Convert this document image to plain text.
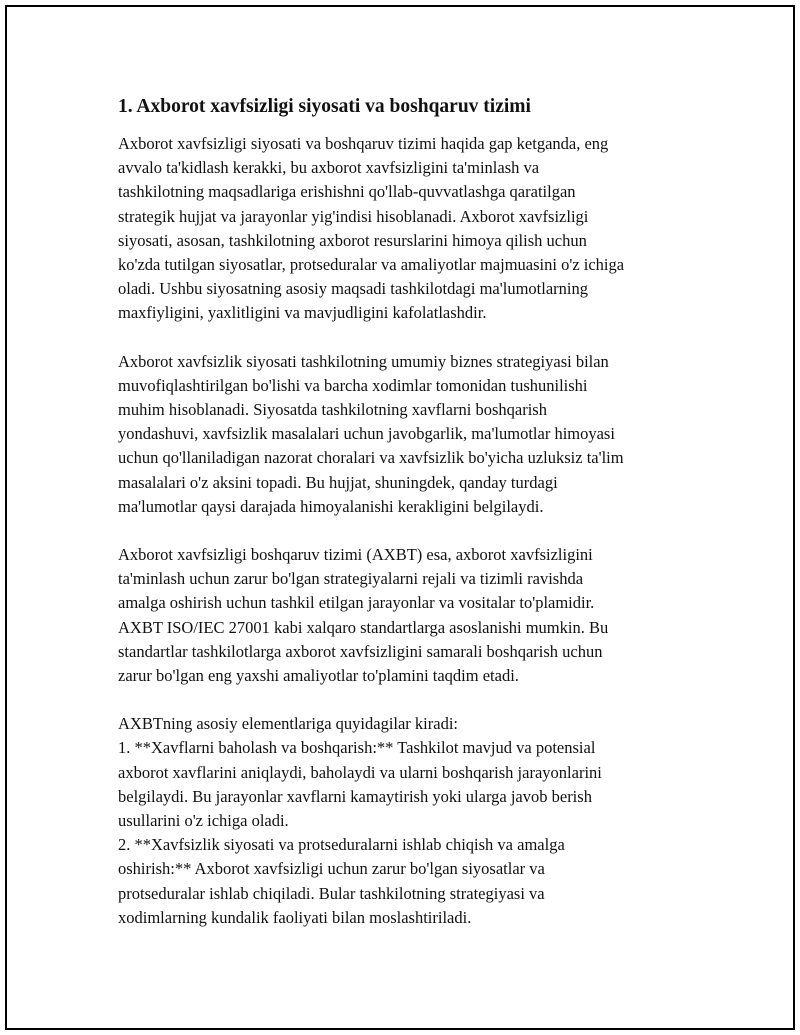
1. Axborot xavfsizligi siyosati va boshqaruv tizimi

Axborot xavfsizligi siyosati va boshqaruv tizimi haqida gap ketganda, eng
avvalo ta'kidlash kerakki, bu axborot xavfsizligini ta'minlash va
tashkilotning maqsadlariga erishishni qo'llab-quvvatlashga qaratilgan
strategik hujjat va jarayonlar yig'indisi hisoblanadi. Axborot xavfsizligi
siyosati, asosan, tashkilotning axborot resurslarini himoya qilish uchun
ko'zda tutilgan siyosatlar, protseduralar va amaliyotlar majmuasini o'z ichiga
oladi. Ushbu siyosatning asosiy maqsadi tashkilotdagi ma'lumotlarning
maxfiyligini, yaxlitligini va mavjudligini kafolatlashdir.

Axborot xavfsizlik siyosati tashkilotning umumiy biznes strategiyasi bilan
muvofiqlashtirilgan bo'lishi va barcha xodimlar tomonidan tushunilishi
muhim hisoblanadi. Siyosatda tashkilotning xavflarni boshqarish
yondashuvi, xavfsizlik masalalari uchun javobgarlik, ma'lumotlar himoyasi
uchun qo'llaniladigan nazorat choralari va xavfsizlik bo'yicha uzluksiz ta'lim
masalalari o'z aksini topadi. Bu hujjat, shuningdek, qanday turdagi
ma'lumotlar qaysi darajada himoyalanishi kerakligini belgilaydi.

Axborot xavfsizligi boshqaruv tizimi (AXBT) esa, axborot xavfsizligini
ta'minlash uchun zarur bo'lgan strategiyalarni rejali va tizimli ravishda
amalga oshirish uchun tashkil etilgan jarayonlar va vositalar to'plamidir.
AXBT ISO/IEC 27001 kabi xalqaro standartlarga asoslanishi mumkin. Bu
standartlar tashkilotlarga axborot xavfsizligini samarali boshqarish uchun
zarur bo'lgan eng yaxshi amaliyotlar to'plamini taqdim etadi.

AXBTning asosiy elementlariga quyidagilar kiradi:
1. **Xavflarni baholash va boshqarish:** Tashkilot mavjud va potensial
axborot xavflarini aniqlaydi, baholaydi va ularni boshqarish jarayonlarini
belgilaydi. Bu jarayonlar xavflarni kamaytirish yoki ularga javob berish
usullarini o'z ichiga oladi.
2. **Xavfsizlik siyosati va protseduralarni ishlab chiqish va amalga
oshirish:** Axborot xavfsizligi uchun zarur bo'lgan siyosatlar va
protseduralar ishlab chiqiladi. Bular tashkilotning strategiyasi va
xodimlarning kundalik faoliyati bilan moslashtiriladi.
